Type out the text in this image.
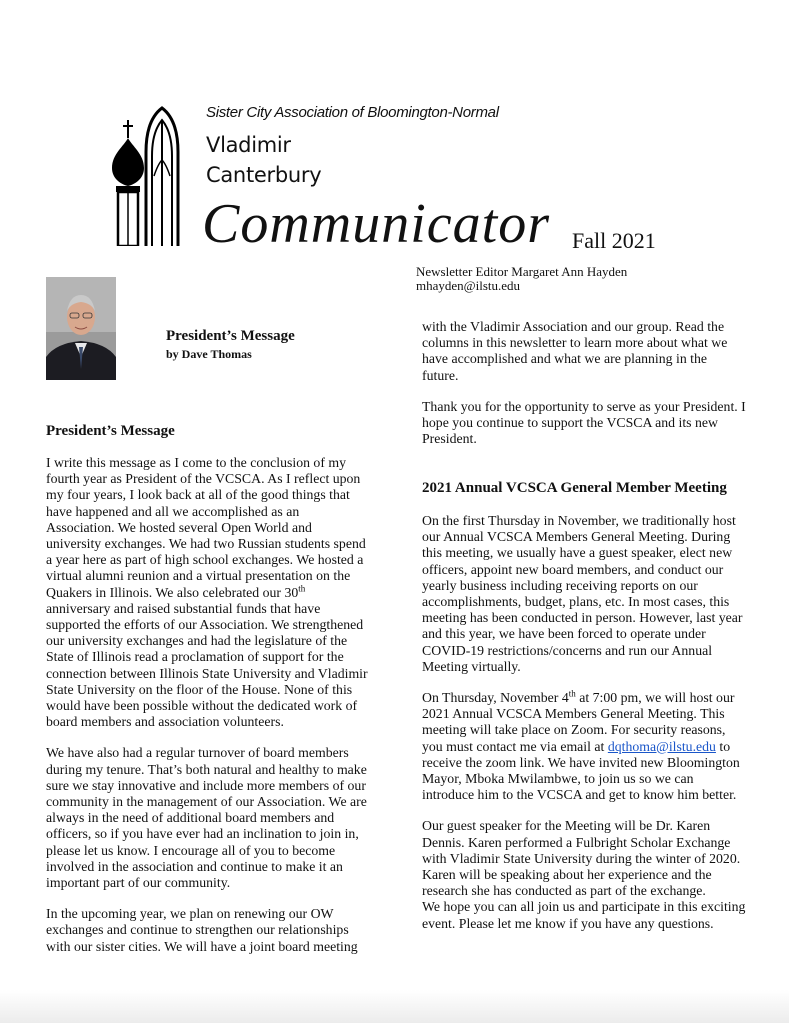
Sister City Association of Bloomington-Normal
Vladimir
Canterbury
Communicator Fall 2021
Newsletter Editor Margaret Ann Hayden
mhayden@ilstu.edu
President’s Message
by Dave Thomas
President’s Message

I write this message as I come to the conclusion of my fourth year as President of the VCSCA. As I reflect upon my four years, I look back at all of the good things that have happened and all we accomplished as an Association. We hosted several Open World and university exchanges. We had two Russian students spend a year here as part of high school exchanges. We hosted a virtual alumni reunion and a virtual presentation on the Quakers in Illinois. We also celebrated our 30th anniversary and raised substantial funds that have supported the efforts of our Association. We strengthened our university exchanges and had the legislature of the State of Illinois read a proclamation of support for the connection between Illinois State University and Vladimir State University on the floor of the House. None of this would have been possible without the dedicated work of board members and association volunteers.

We have also had a regular turnover of board members during my tenure. That’s both natural and healthy to make sure we stay innovative and include more members of our community in the management of our Association. We are always in the need of additional board members and officers, so if you have ever had an inclination to join in, please let us know. I encourage all of you to become involved in the association and continue to make it an important part of our community.

In the upcoming year, we plan on renewing our OW exchanges and continue to strengthen our relationships with our sister cities. We will have a joint board meeting

with the Vladimir Association and our group. Read the columns in this newsletter to learn more about what we have accomplished and what we are planning in the future.

Thank you for the opportunity to serve as your President. I hope you continue to support the VCSCA and its new President.

2021 Annual VCSCA General Member Meeting

On the first Thursday in November, we traditionally host our Annual VCSCA Members General Meeting. During this meeting, we usually have a guest speaker, elect new officers, appoint new board members, and conduct our yearly business including receiving reports on our accomplishments, budget, plans, etc. In most cases, this meeting has been conducted in person. However, last year and this year, we have been forced to operate under COVID-19 restrictions/concerns and run our Annual Meeting virtually.

On Thursday, November 4th at 7:00 pm, we will host our 2021 Annual VCSCA Members General Meeting. This meeting will take place on Zoom. For security reasons, you must contact me via email at dqthoma@ilstu.edu to receive the zoom link. We have invited new Bloomington Mayor, Mboka Mwilambwe, to join us so we can introduce him to the VCSCA and get to know him better.

Our guest speaker for the Meeting will be Dr. Karen Dennis. Karen performed a Fulbright Scholar Exchange with Vladimir State University during the winter of 2020. Karen will be speaking about her experience and the research she has conducted as part of the exchange.

We hope you can all join us and participate in this exciting event. Please let me know if you have any questions.
